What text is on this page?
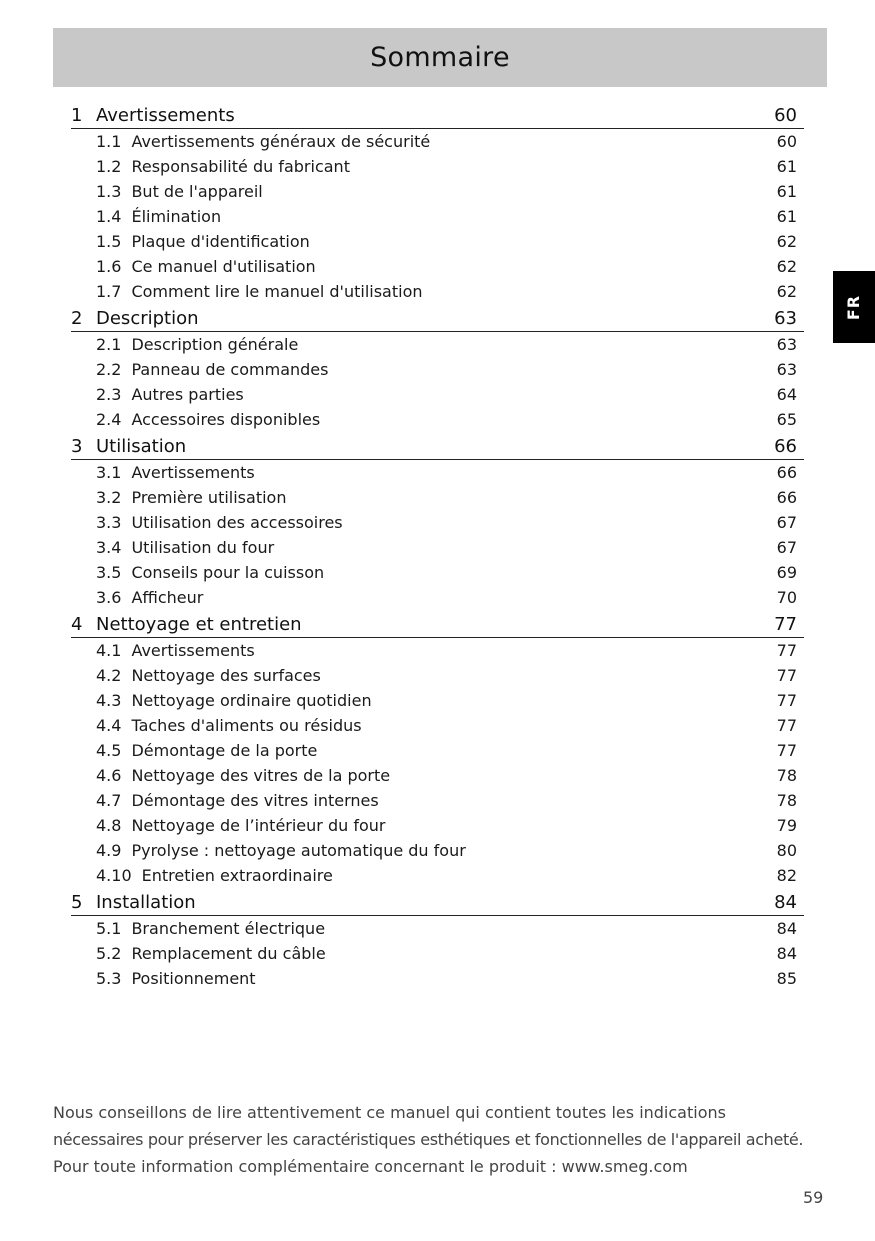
Sommaire
FR
1 Avertissements	60
1.1 Avertissements généraux de sécurité	60
1.2 Responsabilité du fabricant	61
1.3 But de l'appareil	61
1.4 Élimination	61
1.5 Plaque d'identification	62
1.6 Ce manuel d'utilisation	62
1.7 Comment lire le manuel d'utilisation	62
2 Description	63
2.1 Description générale	63
2.2 Panneau de commandes	63
2.3 Autres parties	64
2.4 Accessoires disponibles	65
3 Utilisation	66
3.1 Avertissements	66
3.2 Première utilisation	66
3.3 Utilisation des accessoires	67
3.4 Utilisation du four	67
3.5 Conseils pour la cuisson	69
3.6 Afficheur	70
4 Nettoyage et entretien	77
4.1 Avertissements	77
4.2 Nettoyage des surfaces	77
4.3 Nettoyage ordinaire quotidien	77
4.4 Taches d'aliments ou résidus	77
4.5 Démontage de la porte	77
4.6 Nettoyage des vitres de la porte	78
4.7 Démontage des vitres internes	78
4.8 Nettoyage de l’intérieur du four	79
4.9 Pyrolyse : nettoyage automatique du four	80
4.10 Entretien extraordinaire	82
5 Installation	84
5.1 Branchement électrique	84
5.2 Remplacement du câble	84
5.3 Positionnement	85

Nous conseillons de lire attentivement ce manuel qui contient toutes les indications

nécessaires pour préserver les caractéristiques esthétiques et fonctionnelles de l'appareil acheté.

Pour toute information complémentaire concernant le produit : www.smeg.com

59
